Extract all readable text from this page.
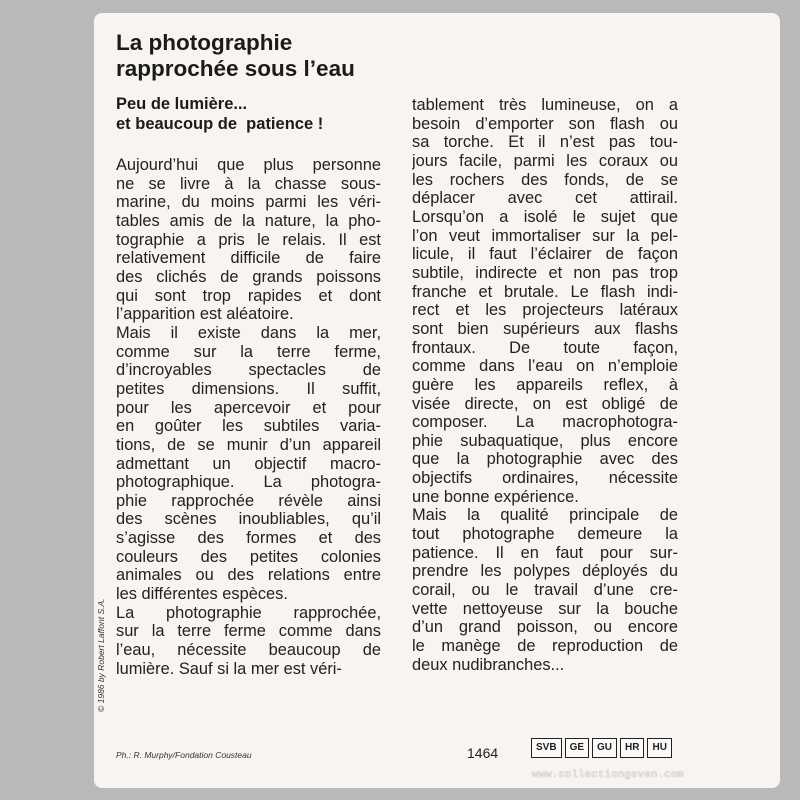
La photographie
rapprochée sous l’eau
Peu de lumière...
et beaucoup de  patience !
Aujourd’hui que plus personne
ne se livre à la chasse sous-
marine, du moins parmi les véri-
tables amis de la nature, la pho-
tographie a pris le relais. Il est
relativement difficile de faire
des clichés de grands poissons
qui sont trop rapides et dont
l’apparition est aléatoire.
Mais il existe dans la mer,
comme sur la terre ferme,
d’incroyables spectacles de
petites dimensions. Il suffit,
pour les apercevoir et pour
en goûter les subtiles varia-
tions, de se munir d’un appareil
admettant un objectif macro-
photographique. La photogra-
phie rapprochée révèle ainsi
des scènes inoubliables, qu’il
s’agisse des formes et des
couleurs des petites colonies
animales ou des relations entre
les différentes espèces.
La photographie rapprochée,
sur la terre ferme comme dans
l’eau, nécessite beaucoup de
lumière. Sauf si la mer est véri-
tablement très lumineuse, on a
besoin d’emporter son flash ou
sa torche. Et il n’est pas tou-
jours facile, parmi les coraux ou
les rochers des fonds, de se
déplacer avec cet attirail.
Lorsqu’on a isolé le sujet que
l’on veut immortaliser sur la pel-
licule, il faut l’éclairer de façon
subtile, indirecte et non pas trop
franche et brutale. Le flash indi-
rect et les projecteurs latéraux
sont bien supérieurs aux flashs
frontaux. De toute façon,
comme dans l’eau on n’emploie
guère les appareils reflex, à
visée directe, on est obligé de
composer. La macrophotogra-
phie subaquatique, plus encore
que la photographie avec des
objectifs ordinaires, nécessite
une bonne expérience.
Mais la qualité principale de
tout photographe demeure la
patience. Il en faut pour sur-
prendre les polypes déployés du
corail, ou le travail d’une cre-
vette nettoyeuse sur la bouche
d’un grand poisson, ou encore
le manège de reproduction de
deux nudibranches...
© 1986 by Robert Laffont S.A.
Ph.: R. Murphy/Fondation Cousteau	1464	SVB	GE	GU	HR	HU
www.collectiongeven.com
